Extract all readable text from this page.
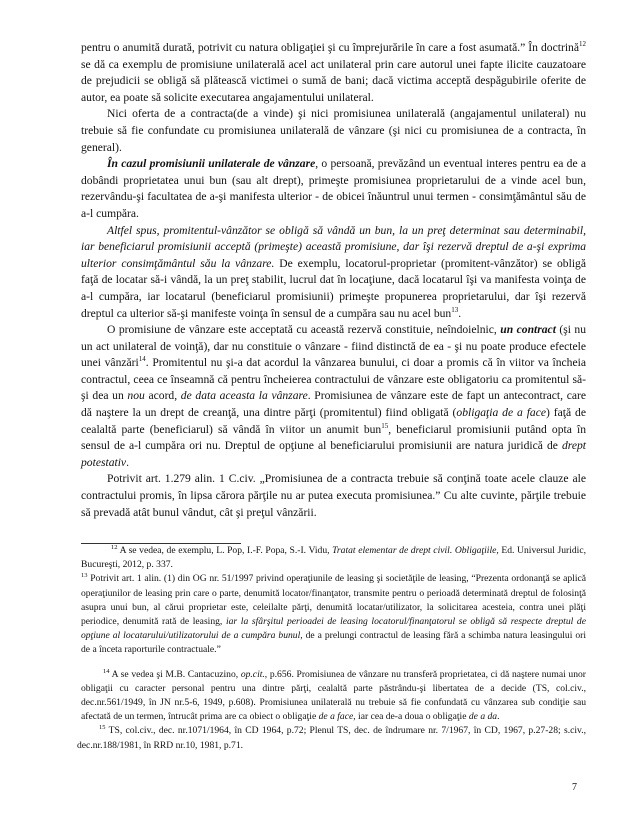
pentru o anumită durată, potrivit cu natura obligaţiei şi cu împrejurările în care a fost asumată.” În doctrină$^{12}$ se dă ca exemplu de promisiune unilaterală acel act unilateral prin care autorul unei fapte ilicite cauzatoare de prejudicii se obligă să plătească victimei o sumă de bani; dacă victima acceptă despăgubirile oferite de autor, ea poate să solicite executarea angajamentului unilateral.

Nici oferta de a contracta(de a vinde) şi nici promisiunea unilaterală (angajamentul unilateral) nu trebuie să fie confundate cu promisiunea unilaterală de vânzare (şi nici cu promisiunea de a contracta, în general).

În cazul promisiunii unilaterale de vânzare, o persoană, prevăzând un eventual interes pentru ea de a dobândi proprietatea unui bun (sau alt drept), primeşte promisiunea proprietarului de a vinde acel bun, rezervându-şi facultatea de a-şi manifesta ulterior - de obicei înăuntrul unui termen - consimţământul său de a-l cumpăra.

Altfel spus, promitentul-vânzător se obligă să vândă un bun, la un preţ determinat sau determinabil, iar beneficiarul promisiunii acceptă (primeşte) această promisiune, dar îşi rezervă dreptul de a-şi exprima ulterior consimţământul său la vânzare. De exemplu, locatorul-proprietar (promitent-vânzător) se obligă faţă de locatar să-i vândă, la un preţ stabilit, lucrul dat în locaţiune, dacă locatarul îşi va manifesta voinţa de a-l cumpăra, iar locatarul (beneficiarul promisiunii) primeşte propunerea proprietarului, dar îşi rezervă dreptul ca ulterior să-şi manifeste voinţa în sensul de a cumpăra sau nu acel bun$^{13}$.

O promisiune de vânzare este acceptată cu această rezervă constituie, neîndoielnic, un contract (şi nu un act unilateral de voinţă), dar nu constituie o vânzare - fiind distinctă de ea - şi nu poate produce efectele unei vânzări$^{14}$. Promitentul nu şi-a dat acordul la vânzarea bunului, ci doar a promis că în viitor va încheia contractul, ceea ce înseamnă că pentru încheierea contractului de vânzare este obligatoriu ca promitentul să-şi dea un nou acord, de data aceasta la vânzare. Promisiunea de vânzare este de fapt un antecontract, care dă naştere la un drept de creanţă, una dintre părţi (promitentul) fiind obligată (obligaţia de a face) faţă de cealaltă parte (beneficiarul) să vândă în viitor un anumit bun$^{15}$, beneficiarul promisiunii putând opta în sensul de a-l cumpăra ori nu. Dreptul de opţiune al beneficiarului promisiunii are natura juridică de drept potestativ.

Potrivit art. 1.279 alin. 1 C.civ. „Promisiunea de a contracta trebuie să conţină toate acele clauze ale contractului promis, în lipsa cărora părţile nu ar putea executa promisiunea.” Cu alte cuvinte, părţile trebuie să prevadă atât bunul vândut, cât şi preţul vânzării.

$^{12}$ A se vedea, de exemplu, L. Pop, I.-F. Popa, S.-I. Vidu, Tratat elementar de drept civil. Obligaţiile, Ed. Universul Juridic, Bucureşti, 2012, p. 337.

$^{13}$ Potrivit art. 1 alin. (1) din OG nr. 51/1997 privind operaţiunile de leasing şi societăţile de leasing, “Prezenta ordonanţă se aplică operaţiunilor de leasing prin care o parte, denumită locator/finanţator, transmite pentru o perioadă determinată dreptul de folosinţă asupra unui bun, al cărui proprietar este, celeilalte părţi, denumită locatar/utilizator, la solicitarea acesteia, contra unei plăţi periodice, denumită rată de leasing, iar la sfârşitul perioadei de leasing locatorul/finanţatorul se obligă să respecte dreptul de opţiune al locatarului/utilizatorului de a cumpăra bunul, de a prelungi contractul de leasing fără a schimba natura leasingului ori de a înceta raporturile contractuale.”

$^{14}$ A se vedea şi M.B. Cantacuzino, op.cit., p.656. Promisiunea de vânzare nu transferă proprietatea, ci dă naştere numai unor obligaţii cu caracter personal pentru una dintre părţi, cealaltă parte păstrându-şi libertatea de a decide (TS, col.civ., dec.nr.561/1949, în JN nr.5-6, 1949, p.608). Promisiunea unilaterală nu trebuie să fie confundată cu vânzarea sub condiţie sau afectată de un termen, întrucât prima are ca obiect o obligaţie de a face, iar cea de-a doua o obligaţie de a da.

$^{15}$ TS, col.civ., dec. nr.1071/1964, în CD 1964, p.72; Plenul TS, dec. de îndrumare nr. 7/1967, în CD, 1967, p.27-28; s.civ., dec.nr.188/1981, în RRD nr.10, 1981, p.71.

7
